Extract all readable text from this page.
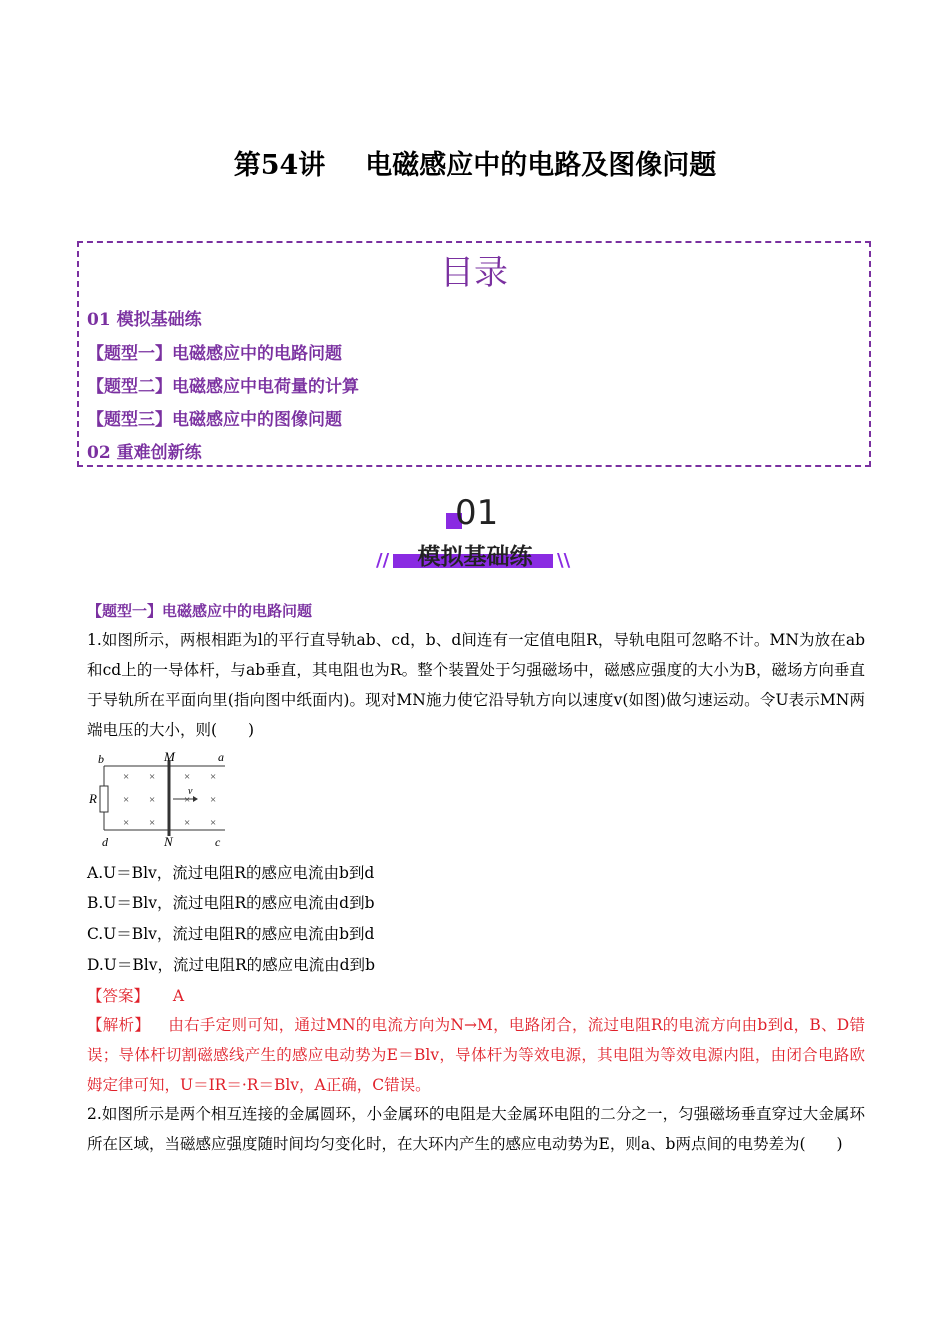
第54讲 电磁感应中的电路及图像问题
目录
01 模拟基础练
【题型一】电磁感应中的电路问题
【题型二】电磁感应中电荷量的计算
【题型三】电磁感应中的图像问题
02 重难创新练
01
模拟基础练
//	\\
【题型一】电磁感应中的电路问题
1.如图所示，两根相距为l的平行直导轨ab、cd，b、d间连有一定值电阻R，导轨电阻可忽略不计。MN为放在ab和cd上的一导体杆，与ab垂直，其电阻也为R。整个装置处于匀强磁场中，磁感应强度的大小为B，磁场方向垂直于导轨所在平面向里(指向图中纸面内)。现对MN施力使它沿导轨方向以速度v(如图)做匀速运动。令U表示MN两端电压的大小，则(　　)
× ×	× ×
× ×	× ×
× ×	× ×
b	M	a
R	v
d	N	c
A.U＝Blv，流过电阻R的感应电流由b到d
B.U＝Blv，流过电阻R的感应电流由d到b
C.U＝Blv，流过电阻R的感应电流由b到d
D.U＝Blv，流过电阻R的感应电流由d到b
【答案】 A
【解析】 由右手定则可知，通过MN的电流方向为N→M，电路闭合，流过电阻R的电流方向由b到d，B、D错误；导体杆切割磁感线产生的感应电动势为E＝Blv，导体杆为等效电源，其电阻为等效电源内阻，由闭合电路欧姆定律可知，U＝IR＝·R＝Blv，A正确，C错误。
2.如图所示是两个相互连接的金属圆环，小金属环的电阻是大金属环电阻的二分之一，匀强磁场垂直穿过大金属环所在区域，当磁感应强度随时间均匀变化时，在大环内产生的感应电动势为E，则a、b两点间的电势差为(　　)
